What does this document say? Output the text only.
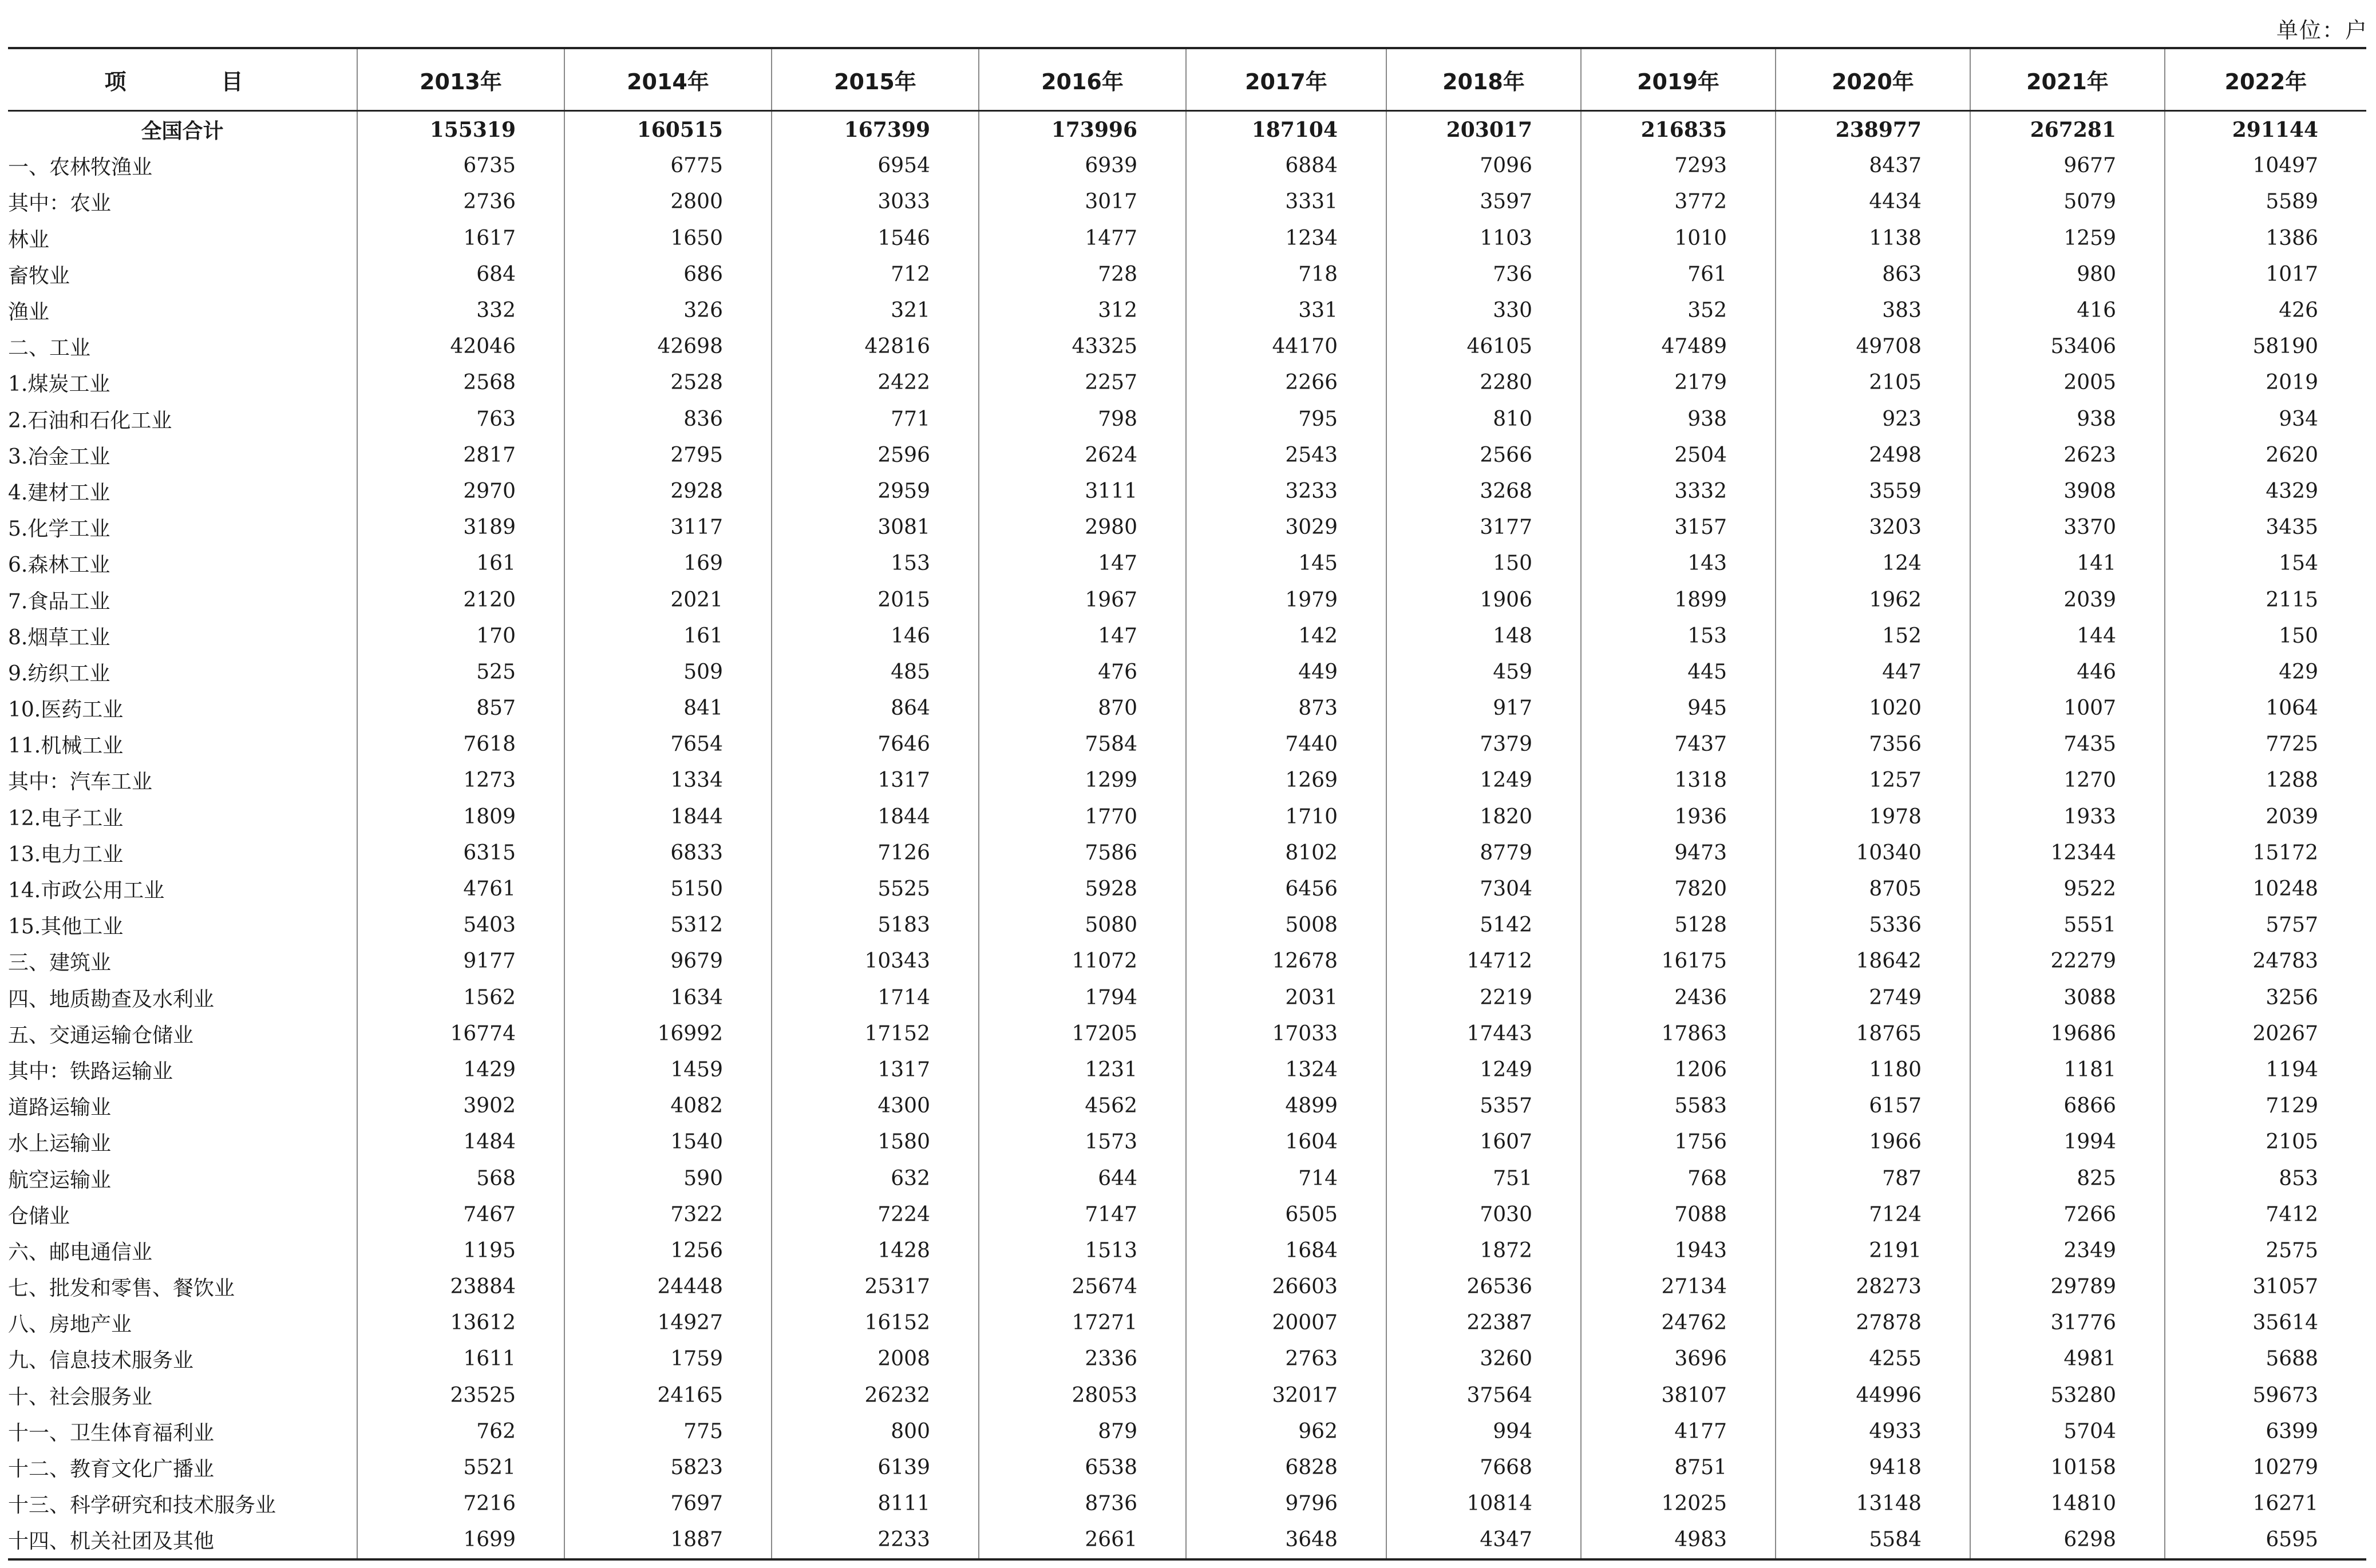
单位：户
项　　目	2013年	2014年	2015年	2016年	2017年	2018年	2019年	2020年	2021年	2022年
全国合计	155319	160515	167399	173996	187104	203017	216835	238977	267281	291144
一、农林牧渔业	6735	6775	6954	6939	6884	7096	7293	8437	9677	10497
其中：农业	2736	2800	3033	3017	3331	3597	3772	4434	5079	5589
林业	1617	1650	1546	1477	1234	1103	1010	1138	1259	1386
畜牧业	684	686	712	728	718	736	761	863	980	1017
渔业	332	326	321	312	331	330	352	383	416	426
二、工业	42046	42698	42816	43325	44170	46105	47489	49708	53406	58190
1.煤炭工业	2568	2528	2422	2257	2266	2280	2179	2105	2005	2019
2.石油和石化工业	763	836	771	798	795	810	938	923	938	934
3.冶金工业	2817	2795	2596	2624	2543	2566	2504	2498	2623	2620
4.建材工业	2970	2928	2959	3111	3233	3268	3332	3559	3908	4329
5.化学工业	3189	3117	3081	2980	3029	3177	3157	3203	3370	3435
6.森林工业	161	169	153	147	145	150	143	124	141	154
7.食品工业	2120	2021	2015	1967	1979	1906	1899	1962	2039	2115
8.烟草工业	170	161	146	147	142	148	153	152	144	150
9.纺织工业	525	509	485	476	449	459	445	447	446	429
10.医药工业	857	841	864	870	873	917	945	1020	1007	1064
11.机械工业	7618	7654	7646	7584	7440	7379	7437	7356	7435	7725
其中：汽车工业	1273	1334	1317	1299	1269	1249	1318	1257	1270	1288
12.电子工业	1809	1844	1844	1770	1710	1820	1936	1978	1933	2039
13.电力工业	6315	6833	7126	7586	8102	8779	9473	10340	12344	15172
14.市政公用工业	4761	5150	5525	5928	6456	7304	7820	8705	9522	10248
15.其他工业	5403	5312	5183	5080	5008	5142	5128	5336	5551	5757
三、建筑业	9177	9679	10343	11072	12678	14712	16175	18642	22279	24783
四、地质勘查及水利业	1562	1634	1714	1794	2031	2219	2436	2749	3088	3256
五、交通运输仓储业	16774	16992	17152	17205	17033	17443	17863	18765	19686	20267
其中：铁路运输业	1429	1459	1317	1231	1324	1249	1206	1180	1181	1194
道路运输业	3902	4082	4300	4562	4899	5357	5583	6157	6866	7129
水上运输业	1484	1540	1580	1573	1604	1607	1756	1966	1994	2105
航空运输业	568	590	632	644	714	751	768	787	825	853
仓储业	7467	7322	7224	7147	6505	7030	7088	7124	7266	7412
六、邮电通信业	1195	1256	1428	1513	1684	1872	1943	2191	2349	2575
七、批发和零售、餐饮业	23884	24448	25317	25674	26603	26536	27134	28273	29789	31057
八、房地产业	13612	14927	16152	17271	20007	22387	24762	27878	31776	35614
九、信息技术服务业	1611	1759	2008	2336	2763	3260	3696	4255	4981	5688
十、社会服务业	23525	24165	26232	28053	32017	37564	38107	44996	53280	59673
十一、卫生体育福利业	762	775	800	879	962	994	4177	4933	5704	6399
十二、教育文化广播业	5521	5823	6139	6538	6828	7668	8751	9418	10158	10279
十三、科学研究和技术服务业	7216	7697	8111	8736	9796	10814	12025	13148	14810	16271
十四、机关社团及其他	1699	1887	2233	2661	3648	4347	4983	5584	6298	6595
